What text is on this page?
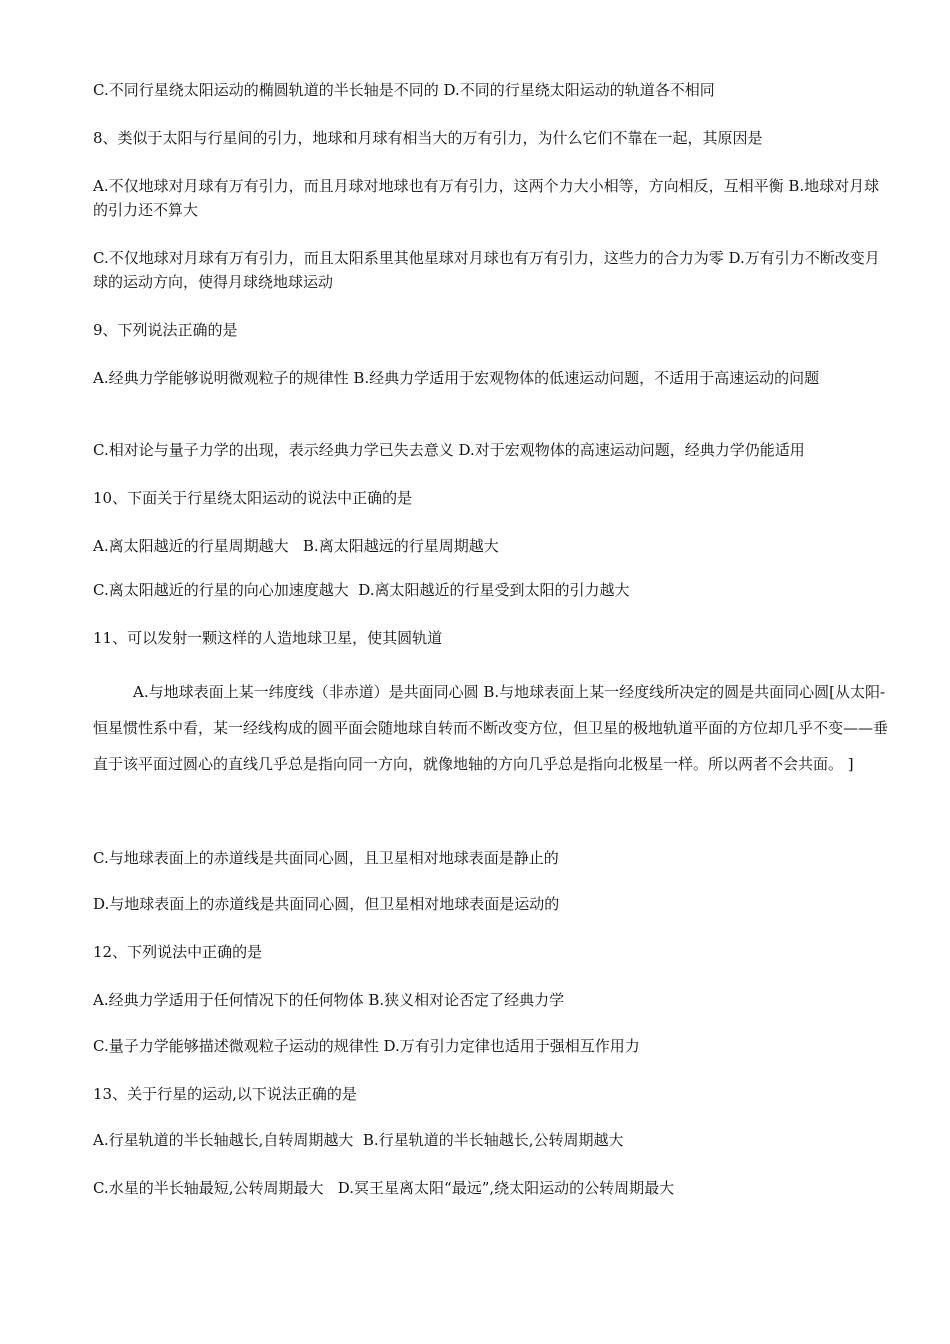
C.不同行星绕太阳运动的椭圆轨道的半长轴是不同的 D.不同的行星绕太阳运动的轨道各不相同

8、类似于太阳与行星间的引力，地球和月球有相当大的万有引力，为什么它们不靠在一起，其原因是

A.不仅地球对月球有万有引力，而且月球对地球也有万有引力，这两个力大小相等，方向相反，互相平衡 B.地球对月球的引力还不算大

C.不仅地球对月球有万有引力，而且太阳系里其他星球对月球也有万有引力，这些力的合力为零 D.万有引力不断改变月球的运动方向，使得月球绕地球运动

9、下列说法正确的是

A.经典力学能够说明微观粒子的规律性 B.经典力学适用于宏观物体的低速运动问题，不适用于高速运动的问题

C.相对论与量子力学的出现，表示经典力学已失去意义 D.对于宏观物体的高速运动问题，经典力学仍能适用

10、下面关于行星绕太阳运动的说法中正确的是

A.离太阳越近的行星周期越大   B.离太阳越远的行星周期越大

C.离太阳越近的行星的向心加速度越大  D.离太阳越近的行星受到太阳的引力越大

11、可以发射一颗这样的人造地球卫星，使其圆轨道

A.与地球表面上某一纬度线（非赤道）是共面同心圆 B.与地球表面上某一经度线所决定的圆是共面同心圆[从太阳-恒星惯性系中看，某一经线构成的圆平面会随地球自转而不断改变方位，但卫星的极地轨道平面的方位却几乎不变——垂直于该平面过圆心的直线几乎总是指向同一方向，就像地轴的方向几乎总是指向北极星一样。所以两者不会共面。 ]

C.与地球表面上的赤道线是共面同心圆，且卫星相对地球表面是静止的

D.与地球表面上的赤道线是共面同心圆，但卫星相对地球表面是运动的

12、下列说法中正确的是

A.经典力学适用于任何情况下的任何物体 B.狭义相对论否定了经典力学

C.量子力学能够描述微观粒子运动的规律性 D.万有引力定律也适用于强相互作用力

13、关于行星的运动,以下说法正确的是

A.行星轨道的半长轴越长,自转周期越大  B.行星轨道的半长轴越长,公转周期越大

C.水星的半长轴最短,公转周期最大   D.冥王星离太阳“最远”,绕太阳运动的公转周期最大
